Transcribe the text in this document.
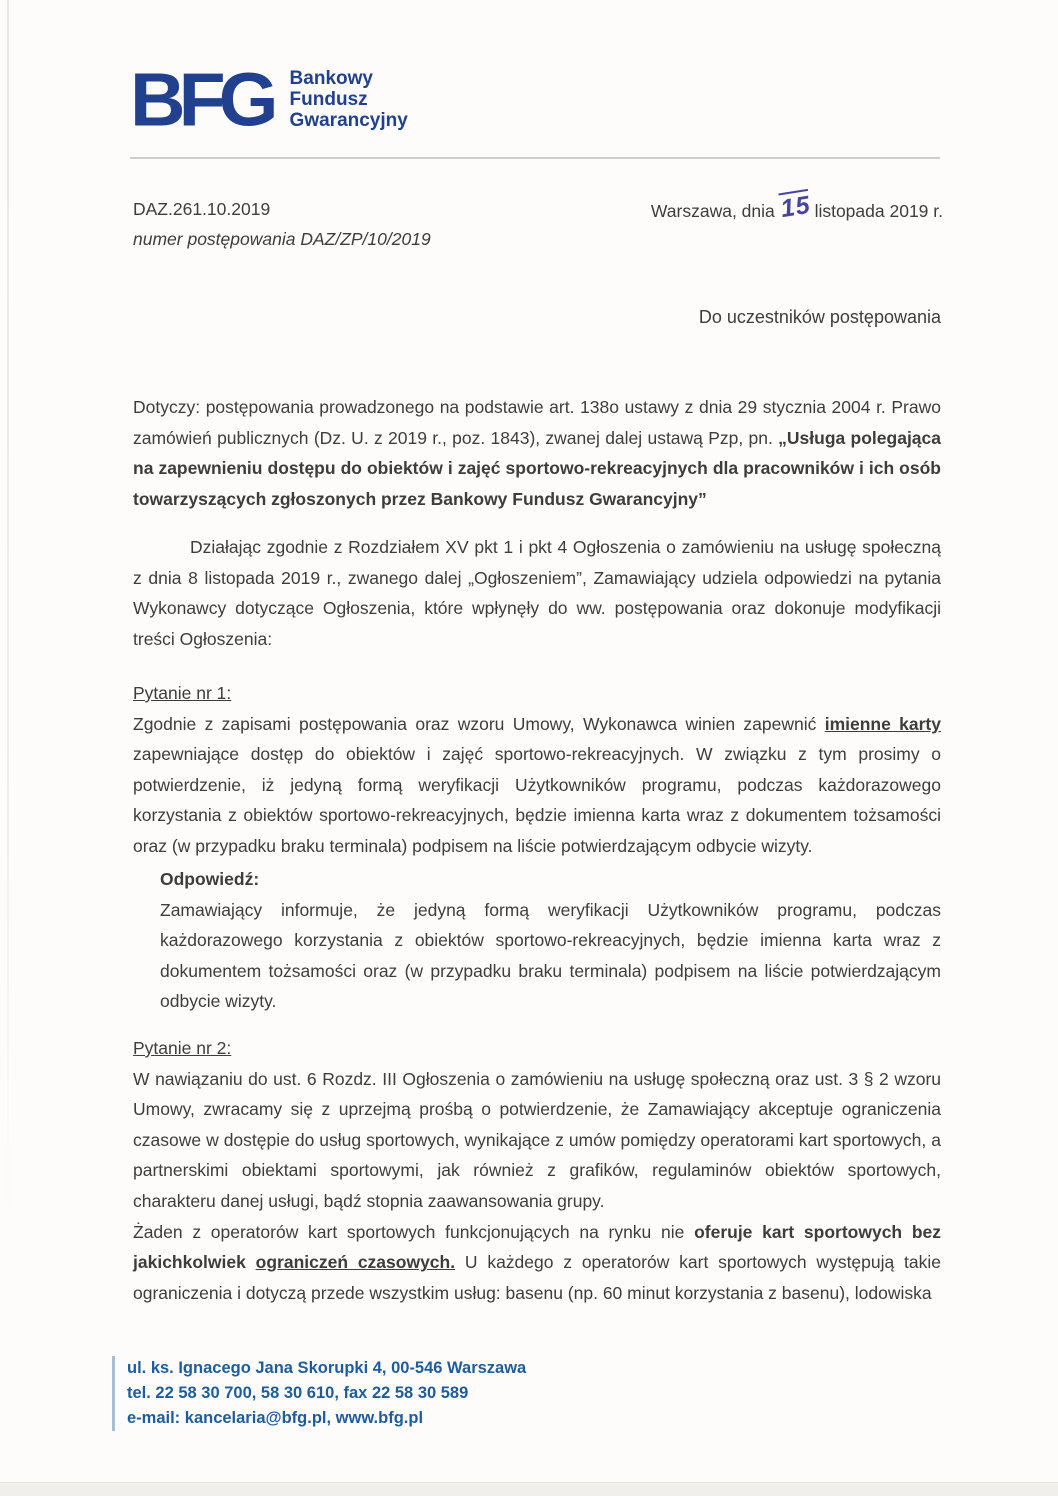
BFG Bankowy
Fundusz
Gwarancyjny
DAZ.261.10.2019
numer postępowania DAZ/ZP/10/2019
Warszawa, dnia 15 listopada 2019 r.
Do uczestników postępowania
Dotyczy: postępowania prowadzonego na podstawie art. 138o ustawy z dnia 29 stycznia 2004 r. Prawo zamówień publicznych (Dz. U. z 2019 r., poz. 1843), zwanej dalej ustawą Pzp, pn. „Usługa polegająca na zapewnieniu dostępu do obiektów i zajęć sportowo-rekreacyjnych dla pracowników i ich osób towarzyszących zgłoszonych przez Bankowy Fundusz Gwarancyjny”
Działając zgodnie z Rozdziałem XV pkt 1 i pkt 4 Ogłoszenia o zamówieniu na usługę społeczną z dnia 8 listopada 2019 r., zwanego dalej „Ogłoszeniem”, Zamawiający udziela odpowiedzi na pytania Wykonawcy dotyczące Ogłoszenia, które wpłynęły do ww. postępowania oraz dokonuje modyfikacji treści Ogłoszenia:
Pytanie nr 1:
Zgodnie z zapisami postępowania oraz wzoru Umowy, Wykonawca winien zapewnić imienne karty zapewniające dostęp do obiektów i zajęć sportowo-rekreacyjnych. W związku z tym prosimy o potwierdzenie, iż jedyną formą weryfikacji Użytkowników programu, podczas każdorazowego korzystania z obiektów sportowo-rekreacyjnych, będzie imienna karta wraz z dokumentem tożsamości oraz (w przypadku braku terminala) podpisem na liście potwierdzającym odbycie wizyty.
Odpowiedź:
Zamawiający informuje, że jedyną formą weryfikacji Użytkowników programu, podczas każdorazowego korzystania z obiektów sportowo-rekreacyjnych, będzie imienna karta wraz z dokumentem tożsamości oraz (w przypadku braku terminala) podpisem na liście potwierdzającym odbycie wizyty.
Pytanie nr 2:
W nawiązaniu do ust. 6 Rozdz. III Ogłoszenia o zamówieniu na usługę społeczną oraz ust. 3 § 2 wzoru Umowy, zwracamy się z uprzejmą prośbą o potwierdzenie, że Zamawiający akceptuje ograniczenia czasowe w dostępie do usług sportowych, wynikające z umów pomiędzy operatorami kart sportowych, a partnerskimi obiektami sportowymi, jak również z grafików, regulaminów obiektów sportowych, charakteru danej usługi, bądź stopnia zaawansowania grupy.
Żaden z operatorów kart sportowych funkcjonujących na rynku nie oferuje kart sportowych bez jakichkolwiek ograniczeń czasowych. U każdego z operatorów kart sportowych występują takie ograniczenia i dotyczą przede wszystkim usług: basenu (np. 60 minut korzystania z basenu), lodowiska
ul. ks. Ignacego Jana Skorupki 4, 00-546 Warszawa
tel. 22 58 30 700, 58 30 610, fax 22 58 30 589
e-mail: kancelaria@bfg.pl, www.bfg.pl
